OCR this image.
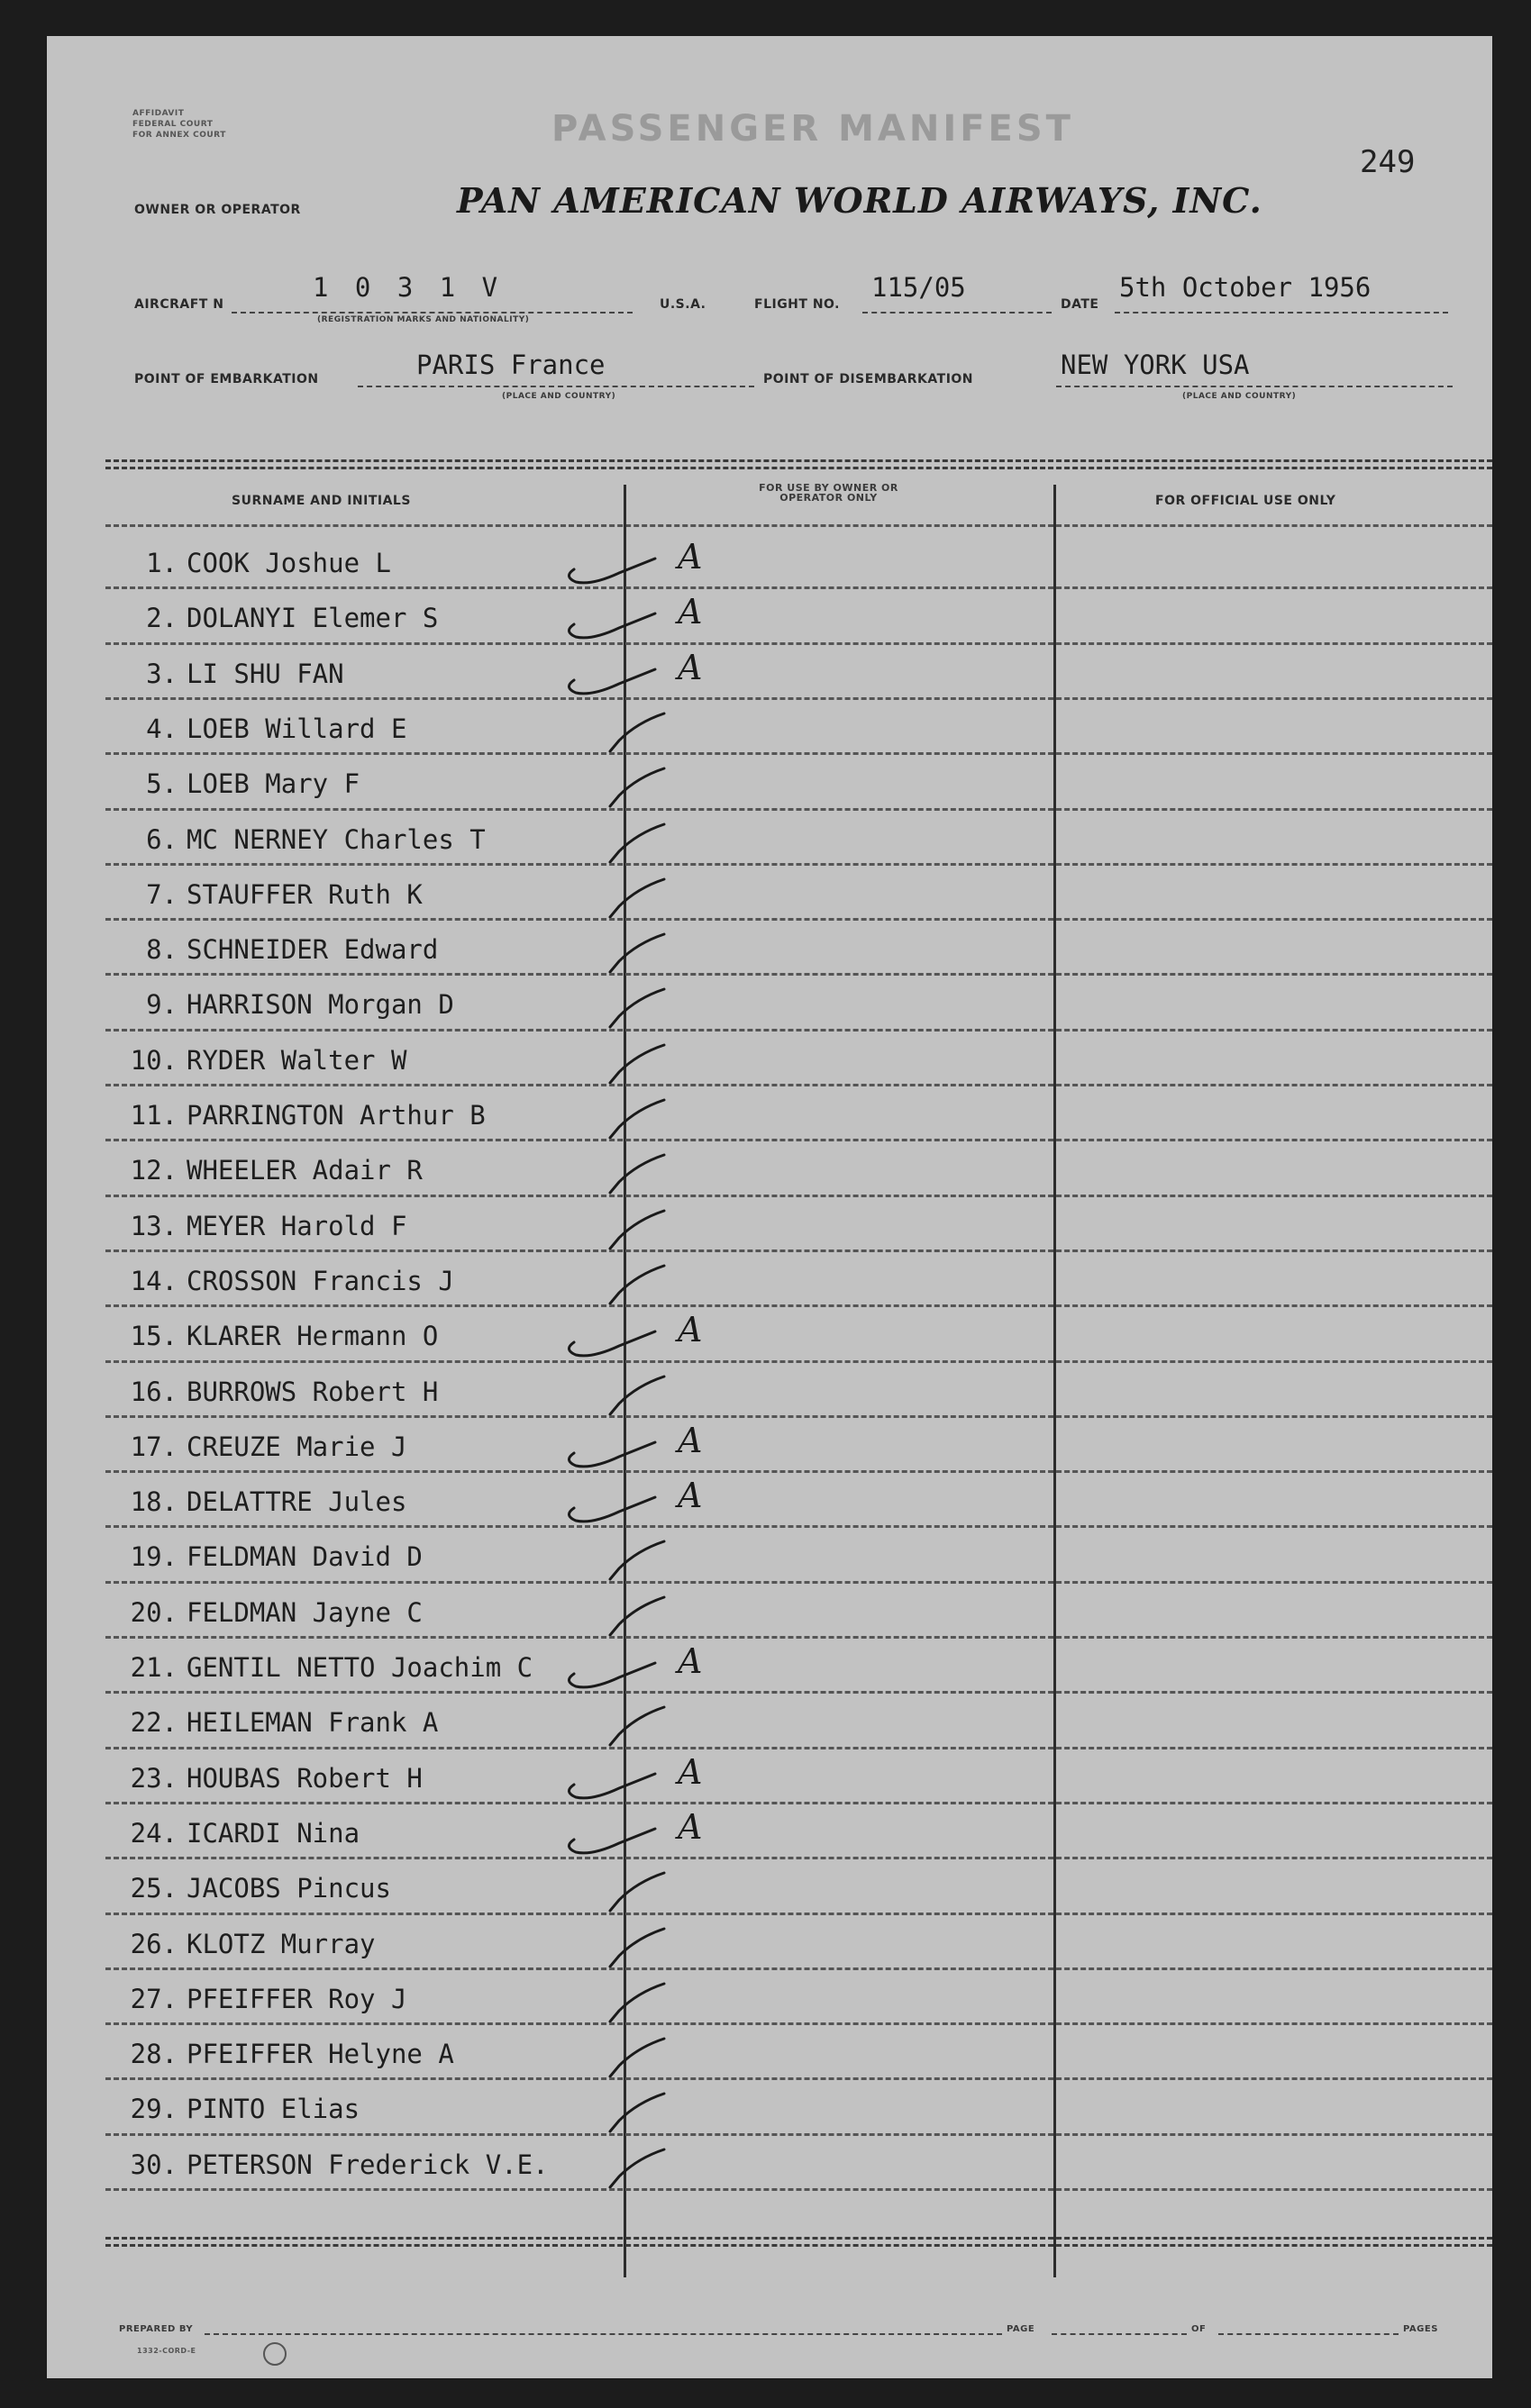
AFFIDAVIT
FEDERAL COURT
FOR ANNEX COURT	PASSENGER MANIFEST
249
OWNER OR OPERATOR	PAN AMERICAN WORLD AIRWAYS, INC.
AIRCRAFT N
1 0 3 1 V
(REGISTRATION MARKS AND NATIONALITY)
U.S.A.	FLIGHT NO.
115/05
DATE
5th October 1956
POINT OF EMBARKATION	PARIS France
(PLACE AND COUNTRY)
POINT OF DISEMBARKATION	NEW YORK USA
(PLACE AND COUNTRY)
SURNAME AND INITIALS
FOR USE BY OWNER OR OPERATOR ONLY	FOR OFFICIAL USE ONLY
1. COOK Joshue L	A
2. DOLANYI Elemer S	A
3. LI SHU FAN	A
4. LOEB Willard E
5. LOEB Mary F
6. MC NERNEY Charles T
7. STAUFFER Ruth K
8. SCHNEIDER Edward
9. HARRISON Morgan D
10. RYDER Walter W
11. PARRINGTON Arthur B
12. WHEELER Adair R
13. MEYER Harold F
14. CROSSON Francis J
15. KLARER Hermann O	A
16. BURROWS Robert H
17. CREUZE Marie J	A
18. DELATTRE Jules	A
19. FELDMAN David D
20. FELDMAN Jayne C
21. GENTIL NETTO Joachim C	A
22. HEILEMAN Frank A
23. HOUBAS Robert H	A
24. ICARDI Nina	A
25. JACOBS Pincus
26. KLOTZ Murray
27. PFEIFFER Roy J
28. PFEIFFER Helyne A
29. PINTO Elias
30. PETERSON Frederick V.E.
PREPARED BY	PAGE	OF	PAGES
1332-CORD-E
